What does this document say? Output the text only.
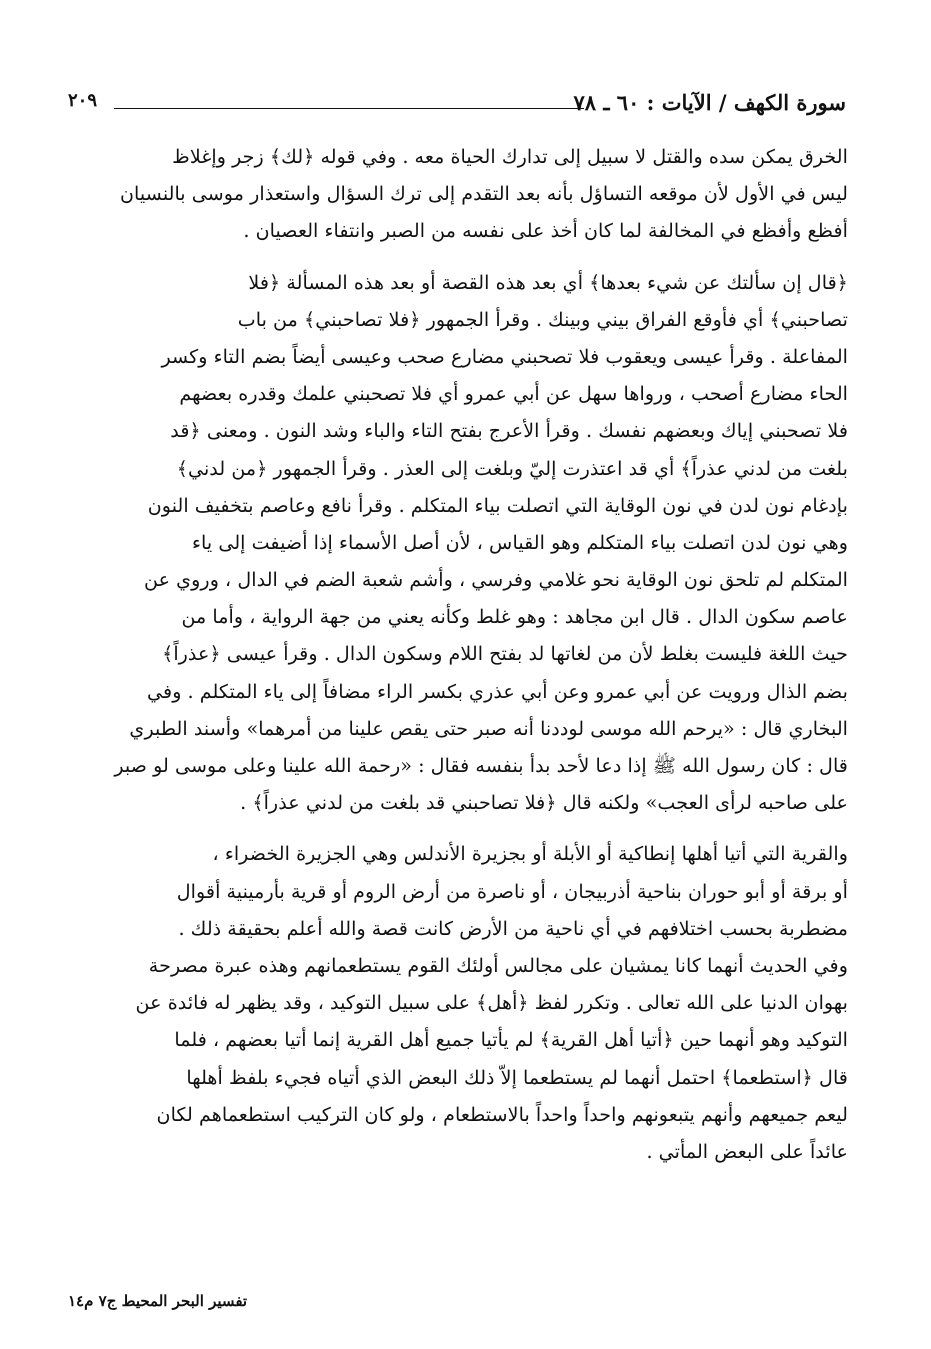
سورة الكهف / الآيات : ٦٠ ـ ٧٨
٢٠٩
الخرق يمكن سده والقتل لا سبيل إلى تدارك الحياة معه . وفي قوله ﴿لك﴾ زجر وإغلاظ
ليس في الأول لأن موقعه التساؤل بأنه بعد التقدم إلى ترك السؤال واستعذار موسى بالنسيان
أفظع وأفظع في المخالفة لما كان أخذ على نفسه من الصبر وانتفاء العصيان .
﴿قال إن سألتك عن شيء بعدها﴾ أي بعد هذه القصة أو بعد هذه المسألة ﴿فلا
تصاحبني﴾ أي فأوقع الفراق بيني وبينك . وقرأ الجمهور ﴿فلا تصاحبني﴾ من باب
المفاعلة . وقرأ عيسى ويعقوب فلا تصحبني مضارع صحب وعيسى أيضاً بضم التاء وكسر
الحاء مضارع أصحب ، ورواها سهل عن أبي عمرو أي فلا تصحبني علمك وقدره بعضهم
فلا تصحبني إياك وبعضهم نفسك . وقرأ الأعرج بفتح التاء والباء وشد النون . ومعنى ﴿قد
بلغت من لدني عذراً﴾ أي قد اعتذرت إليّ وبلغت إلى العذر . وقرأ الجمهور ﴿من لدني﴾
بإدغام نون لدن في نون الوقاية التي اتصلت بياء المتكلم . وقرأ نافع وعاصم بتخفيف النون
وهي نون لدن اتصلت بياء المتكلم وهو القياس ، لأن أصل الأسماء إذا أضيفت إلى ياء
المتكلم لم تلحق نون الوقاية نحو غلامي وفرسي ، وأشم شعبة الضم في الدال ، وروي عن
عاصم سكون الدال . قال ابن مجاهد : وهو غلط وكأنه يعني من جهة الرواية ، وأما من
حيث اللغة فليست بغلط لأن من لغاتها لد بفتح اللام وسكون الدال . وقرأ عيسى ﴿عذراً﴾
بضم الذال ورويت عن أبي عمرو وعن أبي عذري بكسر الراء مضافاً إلى ياء المتكلم . وفي
البخاري قال : «يرحم الله موسى لوددنا أنه صبر حتى يقص علينا من أمرهما» وأسند الطبري
قال : كان رسول الله ﷺ إذا دعا لأحد بدأ بنفسه فقال : «رحمة الله علينا وعلى موسى لو صبر
على صاحبه لرأى العجب» ولكنه قال ﴿فلا تصاحبني قد بلغت من لدني عذراً﴾ .
والقرية التي أتيا أهلها إنطاكية أو الأبلة أو بجزيرة الأندلس وهي الجزيرة الخضراء ،
أو برقة أو أبو حوران بناحية أذربيجان ، أو ناصرة من أرض الروم أو قرية بأرمينية أقوال
مضطربة بحسب اختلافهم في أي ناحية من الأرض كانت قصة والله أعلم بحقيقة ذلك .
وفي الحديث أنهما كانا يمشيان على مجالس أولئك القوم يستطعمانهم وهذه عبرة مصرحة
بهوان الدنيا على الله تعالى . وتكرر لفظ ﴿أهل﴾ على سبيل التوكيد ، وقد يظهر له فائدة عن
التوكيد وهو أنهما حين ﴿أتيا أهل القرية﴾ لم يأتيا جميع أهل القرية إنما أتيا بعضهم ، فلما
قال ﴿استطعما﴾ احتمل أنهما لم يستطعما إلاّ ذلك البعض الذي أتياه فجيء بلفظ أهلها
ليعم جميعهم وأنهم يتبعونهم واحداً واحداً بالاستطعام ، ولو كان التركيب استطعماهم لكان
عائداً على البعض المأتي .
تفسير البحر المحيط ج٧ م١٤
